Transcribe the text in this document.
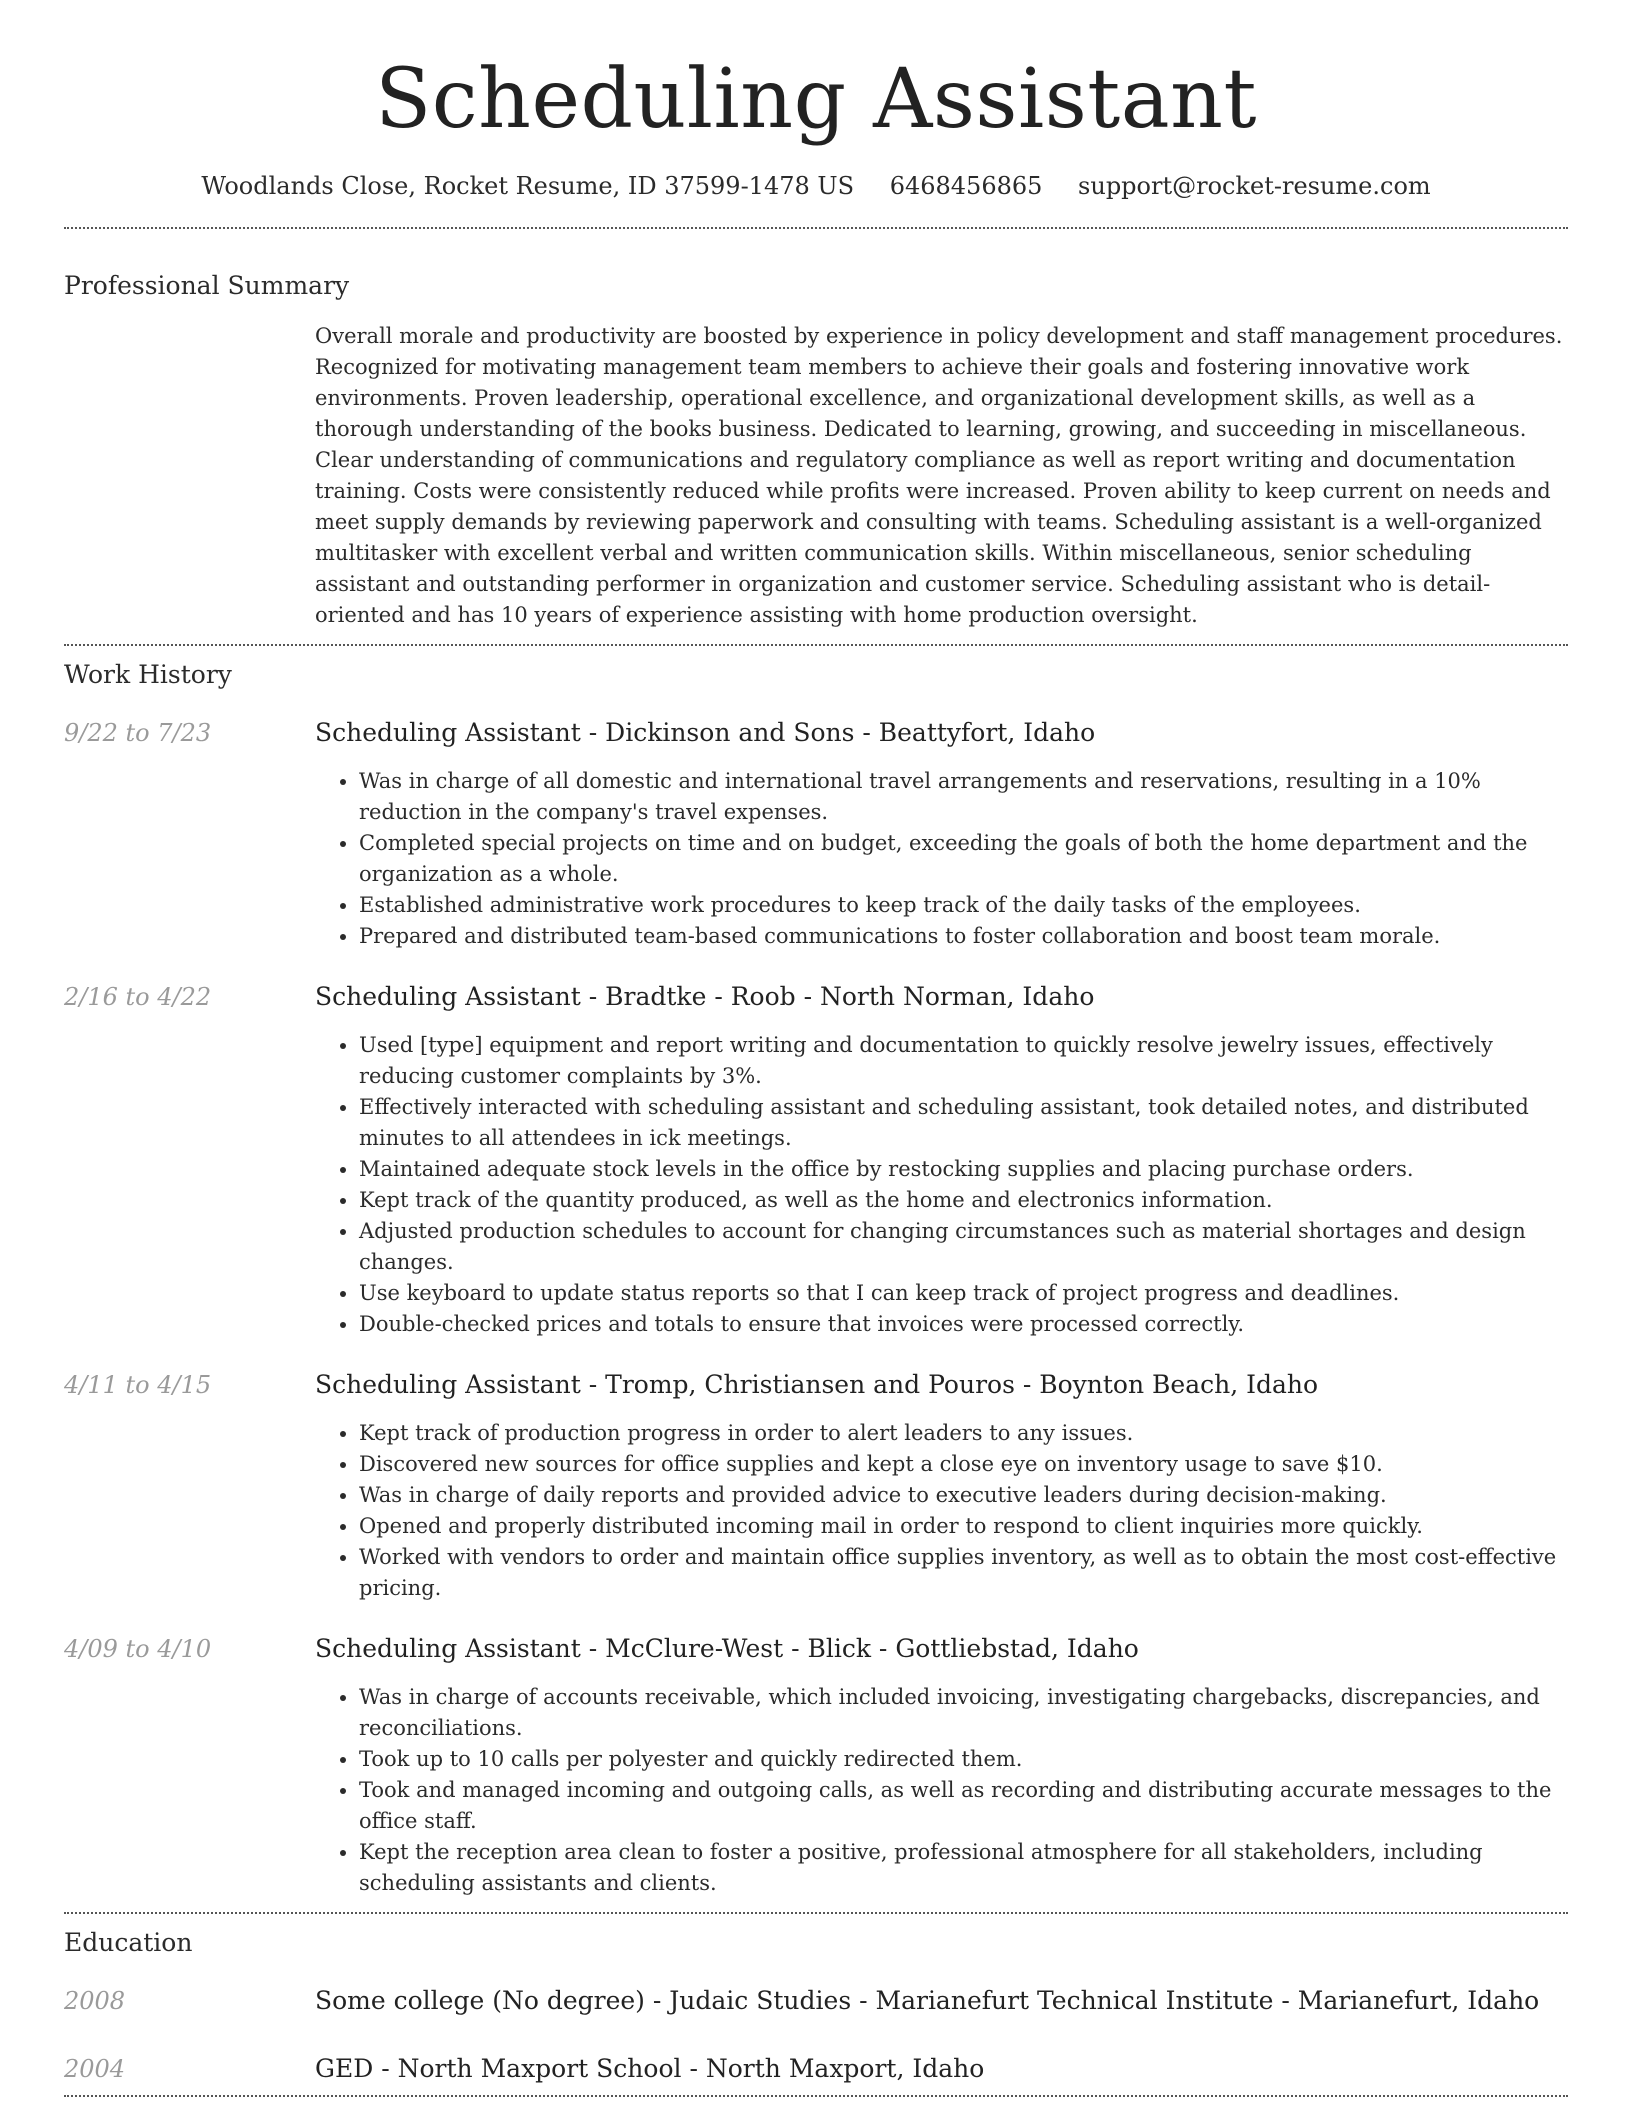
Scheduling Assistant
Woodlands Close, Rocket Resume, ID 37599-1478 US 6468456865 support@rocket-resume.com
Professional Summary

Overall morale and productivity are boosted by experience in policy development and staff management procedures. Recognized for motivating management team members to achieve their goals and fostering innovative work environments. Proven leadership, operational excellence, and organizational development skills, as well as a thorough understanding of the books business. Dedicated to learning, growing, and succeeding in miscellaneous. Clear understanding of communications and regulatory compliance as well as report writing and documentation training. Costs were consistently reduced while profits were increased. Proven ability to keep current on needs and meet supply demands by reviewing paperwork and consulting with teams. Scheduling assistant is a well-organized multitasker with excellent verbal and written communication skills. Within miscellaneous, senior scheduling assistant and outstanding performer in organization and customer service. Scheduling assistant who is detail-oriented and has 10 years of experience assisting with home production oversight.

Work History
9/22 to 7/23	Scheduling Assistant - Dickinson and Sons - Beattyfort, Idaho

• Was in charge of all domestic and international travel arrangements and reservations, resulting in a 10% reduction in the company's travel expenses.
• Completed special projects on time and on budget, exceeding the goals of both the home department and the organization as a whole.
• Established administrative work procedures to keep track of the daily tasks of the employees.
• Prepared and distributed team-based communications to foster collaboration and boost team morale.
2/16 to 4/22	Scheduling Assistant - Bradtke - Roob - North Norman, Idaho

• Used [type] equipment and report writing and documentation to quickly resolve jewelry issues, effectively reducing customer complaints by 3%.
• Effectively interacted with scheduling assistant and scheduling assistant, took detailed notes, and distributed minutes to all attendees in ick meetings.
• Maintained adequate stock levels in the office by restocking supplies and placing purchase orders.
• Kept track of the quantity produced, as well as the home and electronics information.
• Adjusted production schedules to account for changing circumstances such as material shortages and design changes.
• Use keyboard to update status reports so that I can keep track of project progress and deadlines.
• Double-checked prices and totals to ensure that invoices were processed correctly.
4/11 to 4/15	Scheduling Assistant - Tromp, Christiansen and Pouros - Boynton Beach, Idaho

• Kept track of production progress in order to alert leaders to any issues.
• Discovered new sources for office supplies and kept a close eye on inventory usage to save $10.
• Was in charge of daily reports and provided advice to executive leaders during decision-making.
• Opened and properly distributed incoming mail in order to respond to client inquiries more quickly.
• Worked with vendors to order and maintain office supplies inventory, as well as to obtain the most cost-effective pricing.
4/09 to 4/10	Scheduling Assistant - McClure-West - Blick - Gottliebstad, Idaho

• Was in charge of accounts receivable, which included invoicing, investigating chargebacks, discrepancies, and reconciliations.
• Took up to 10 calls per polyester and quickly redirected them.
• Took and managed incoming and outgoing calls, as well as recording and distributing accurate messages to the office staff.
• Kept the reception area clean to foster a positive, professional atmosphere for all stakeholders, including scheduling assistants and clients.
Education
2008	Some college (No degree) - Judaic Studies - Marianefurt Technical Institute - Marianefurt, Idaho
2004	GED - North Maxport School - North Maxport, Idaho
